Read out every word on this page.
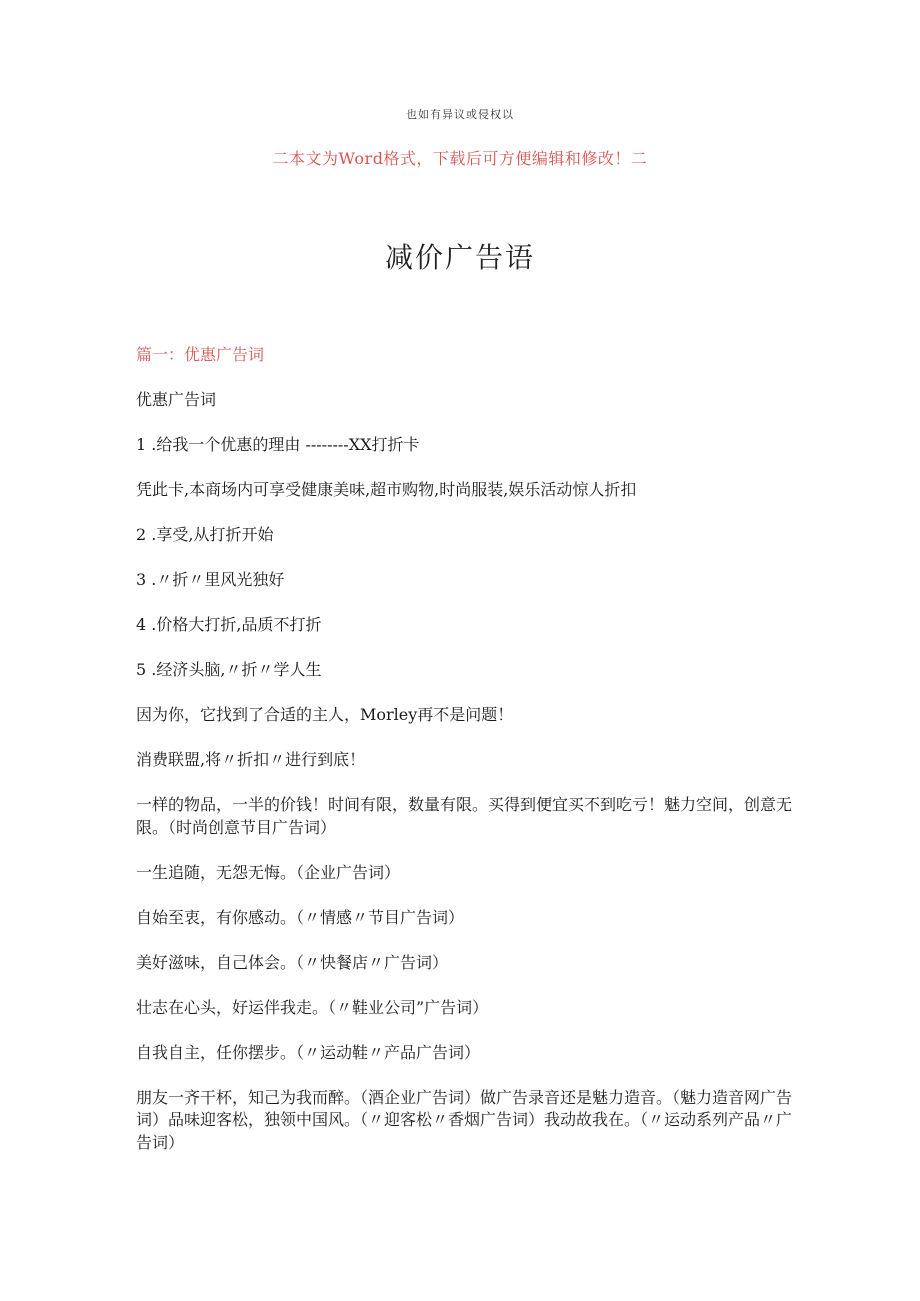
也如有异议或侵权以
二本文为Word格式，下载后可方便编辑和修改！二
减价广告语

篇一：优惠广告词

优惠广告词

1 .给我一个优惠的理由 --------XX打折卡

凭此卡,本商场内可享受健康美味,超市购物,时尚服装,娱乐活动惊人折扣

2 .享受,从打折开始

3 .〃折〃里风光独好

4 .价格大打折,品质不打折

5 .经济头脑,〃折〃学人生

因为你，它找到了合适的主人，Morley再不是问题！

消费联盟,将〃折扣〃进行到底！

一样的物品，一半的价钱！时间有限，数量有限。买得到便宜买不到吃亏！魅力空间，创意无限。（时尚创意节目广告词）

一生追随，无怨无悔。（企业广告词）

自始至衷，有你感动。（〃情感〃节目广告词）

美好滋味，自己体会。（〃快餐店〃广告词）

壮志在心头，好运伴我走。（〃鞋业公司”广告词）

自我自主，任你摆步。（〃运动鞋〃产品广告词）

朋友一齐干杯，知己为我而醉。（酒企业广告词）做广告录音还是魅力造音。（魅力造音网广告词）品味迎客松，独领中国风。（〃迎客松〃香烟广告词）我动故我在。（〃运动系列产品〃广告词）
